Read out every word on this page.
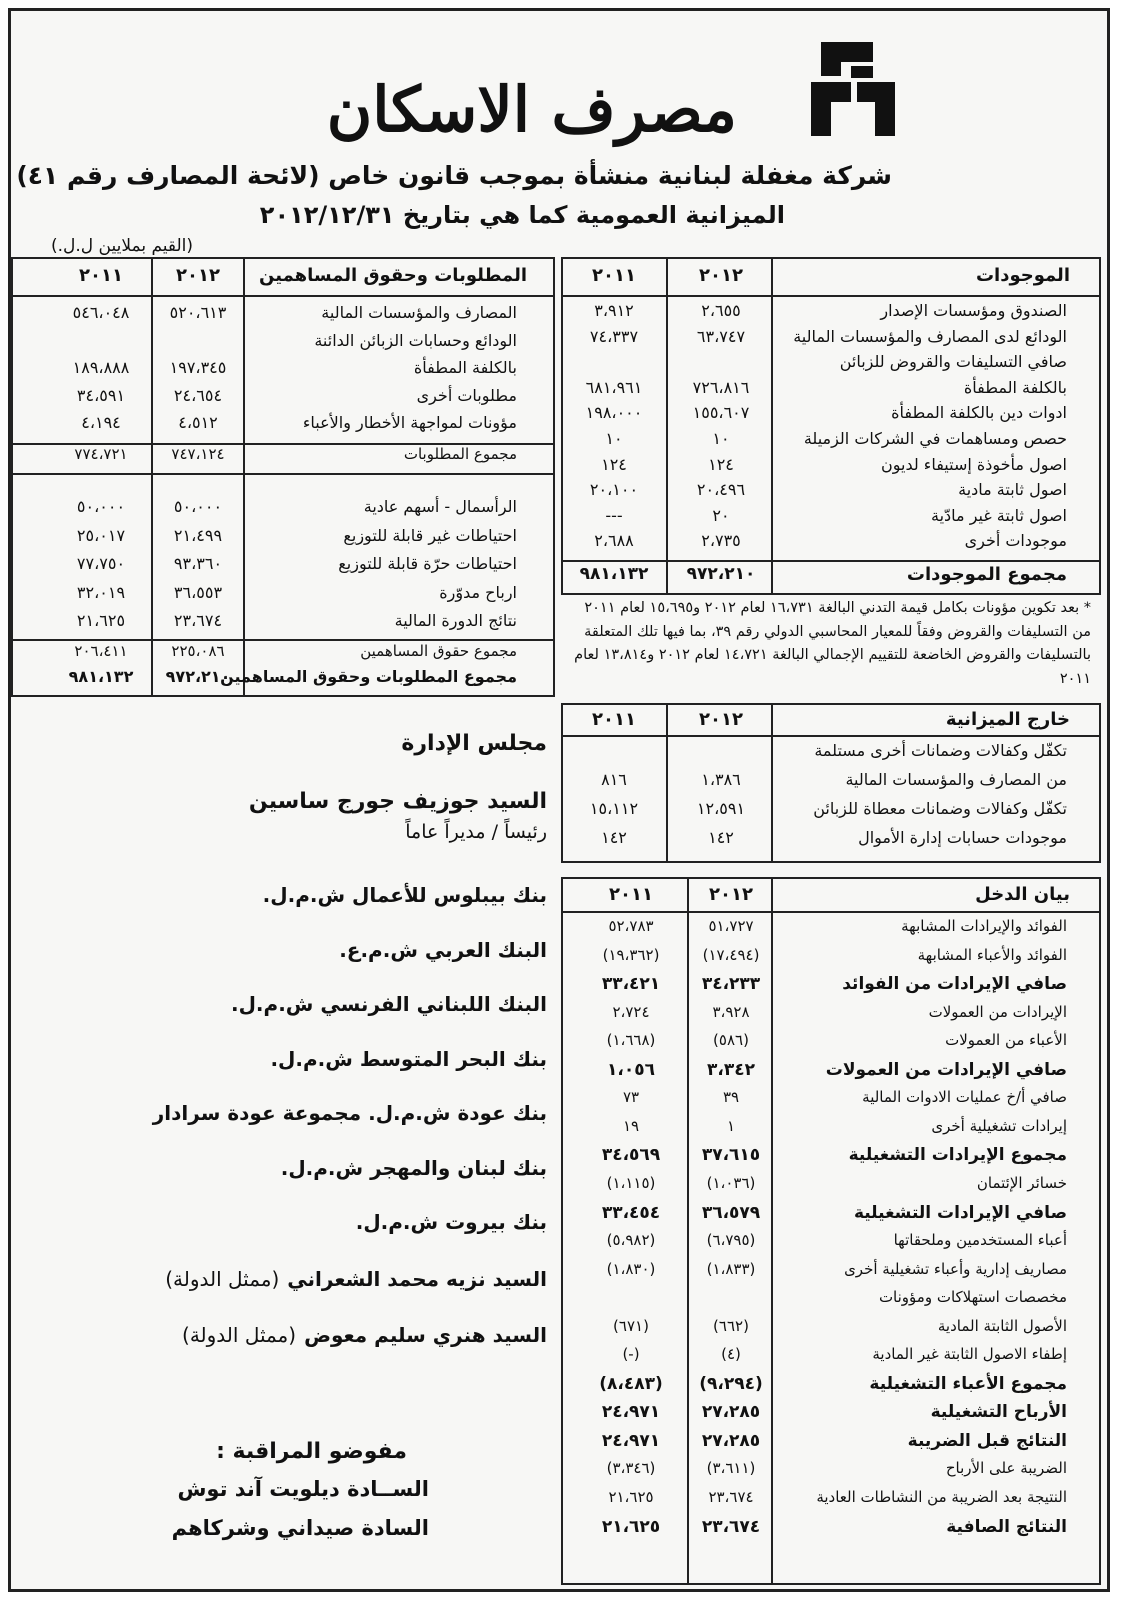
مصرف الاسكان
شركة مغفلة لبنانية منشأة بموجب قانون خاص (لائحة المصارف رقم ٤١)
الميزانية العمومية كما هي بتاريخ ٢٠١٢/١٢/٣١
(القيم بملايين ل.ل.)
الموجودات
٢٠١٢
٢٠١١
الصندوق ومؤسسات الإصدار
٢،٦٥٥
٣،٩١٢
الودائع لدى المصارف والمؤسسات المالية
٦٣،٧٤٧
٧٤،٣٣٧
صافي التسليفات والقروض للزبائن
بالكلفة المطفأة
٧٢٦،٨١٦
٦٨١،٩٦١
ادوات دين بالكلفة المطفأة
١٥٥،٦٠٧
١٩٨،٠٠٠
حصص ومساهمات في الشركات الزميلة
١٠
١٠
اصول مأخوذة إستيفاء لديون
١٢٤
١٢٤
اصول ثابتة مادية
٢٠،٤٩٦
٢٠،١٠٠
اصول ثابتة غير مادّية
٢٠
---
موجودات أخرى
٢،٧٣٥
٢،٦٨٨
مجموع الموجودات
٩٧٢،٢١٠
٩٨١،١٣٢
* بعد تكوين مؤونات بكامل قيمة التدني البالغة ١٦،٧٣١ لعام ٢٠١٢ و١٥،٦٩٥ لعام ٢٠١١ من التسليفات والقروض وفقاً للمعيار المحاسبي الدولي رقم ٣٩، بما فيها تلك المتعلقة بالتسليفات والقروض الخاضعة للتقييم الإجمالي البالغة ١٤،٧٢١ لعام ٢٠١٢ و١٣،٨١٤ لعام ٢٠١١
المطلوبات وحقوق المساهمين
٢٠١٢
٢٠١١
المصارف والمؤسسات المالية
٥٢٠،٦١٣
٥٤٦،٠٤٨
الودائع وحسابات الزبائن الدائنة
بالكلفة المطفأة
١٩٧،٣٤٥
١٨٩،٨٨٨
مطلوبات أخرى
٢٤،٦٥٤
٣٤،٥٩١
مؤونات لمواجهة الأخطار والأعباء
٤،٥١٢
٤،١٩٤
مجموع المطلوبات
٧٤٧،١٢٤
٧٧٤،٧٢١
الرأسمال - أسهم عادية
٥٠،٠٠٠
٥٠،٠٠٠
احتياطات غير قابلة للتوزيع
٢١،٤٩٩
٢٥،٠١٧
احتياطات حرّة قابلة للتوزيع
٩٣،٣٦٠
٧٧،٧٥٠
ارباح مدوّرة
٣٦،٥٥٣
٣٢،٠١٩
نتائج الدورة المالية
٢٣،٦٧٤
٢١،٦٢٥
مجموع حقوق المساهمين
٢٢٥،٠٨٦
٢٠٦،٤١١
مجموع المطلوبات وحقوق المساهمين
٩٧٢،٢١٠
٩٨١،١٣٢
خارج الميزانية
٢٠١٢
٢٠١١
تكفّل وكفالات وضمانات أخرى مستلمة
من المصارف والمؤسسات المالية
١،٣٨٦
٨١٦
تكفّل وكفالات وضمانات معطاة للزبائن
١٢،٥٩١
١٥،١١٢
موجودات حسابات إدارة الأموال
١٤٢
١٤٢
بيان الدخل
٢٠١٢
٢٠١١
الفوائد والإيرادات المشابهة
٥١،٧٢٧
٥٢،٧٨٣
الفوائد والأعباء المشابهة
(١٧،٤٩٤)
(١٩،٣٦٢)
صافي الإيرادات من الفوائد
٣٤،٢٣٣
٣٣،٤٢١
الإيرادات من العمولات
٣،٩٢٨
٢،٧٢٤
الأعباء من العمولات
(٥٨٦)
(١،٦٦٨)
صافي الإيرادات من العمولات
٣،٣٤٢
١،٠٥٦
صافي أ/خ عمليات الادوات المالية
٣٩
٧٣
إيرادات تشغيلية أخرى
١
١٩
مجموع الإيرادات التشغيلية
٣٧،٦١٥
٣٤،٥٦٩
خسائر الإئتمان
(١،٠٣٦)
(١،١١٥)
صافي الإيرادات التشغيلية
٣٦،٥٧٩
٣٣،٤٥٤
أعباء المستخدمين وملحقاتها
(٦،٧٩٥)
(٥،٩٨٢)
مصاريف إدارية وأعباء تشغيلية أخرى
(١،٨٣٣)
(١،٨٣٠)
مخصصات استهلاكات ومؤونات
الأصول الثابتة المادية
(٦٦٢)
(٦٧١)
إطفاء الاصول الثابتة غير المادية
(٤)
(-)
مجموع الأعباء التشغيلية
(٩،٢٩٤)
(٨،٤٨٣)
الأرباح التشغيلية
٢٧،٢٨٥
٢٤،٩٧١
النتائج قبل الضريبة
٢٧،٢٨٥
٢٤،٩٧١
الضريبة على الأرباح
(٣،٦١١)
(٣،٣٤٦)
النتيجة بعد الضريبة من النشاطات العادية
٢٣،٦٧٤
٢١،٦٢٥
النتائج الصافية
٢٣،٦٧٤
٢١،٦٢٥
مجلس الإدارة
السيد جوزيف جورج ساسين
رئيساً / مديراً عاماً
بنك بيبلوس للأعمال ش.م.ل.
البنك العربي ش.م.ع.
البنك اللبناني الفرنسي ش.م.ل.
بنك البحر المتوسط ش.م.ل.
بنك عودة ش.م.ل. مجموعة عودة سرادار
بنك لبنان والمهجر ش.م.ل.
بنك بيروت ش.م.ل.
السيد نزيه محمد الشعراني(ممثل الدولة)
السيد هنري سليم معوض(ممثل الدولة)
مفوضو المراقبة :
الســادة ديلويت آند توش
السادة صيداني وشركاهم
